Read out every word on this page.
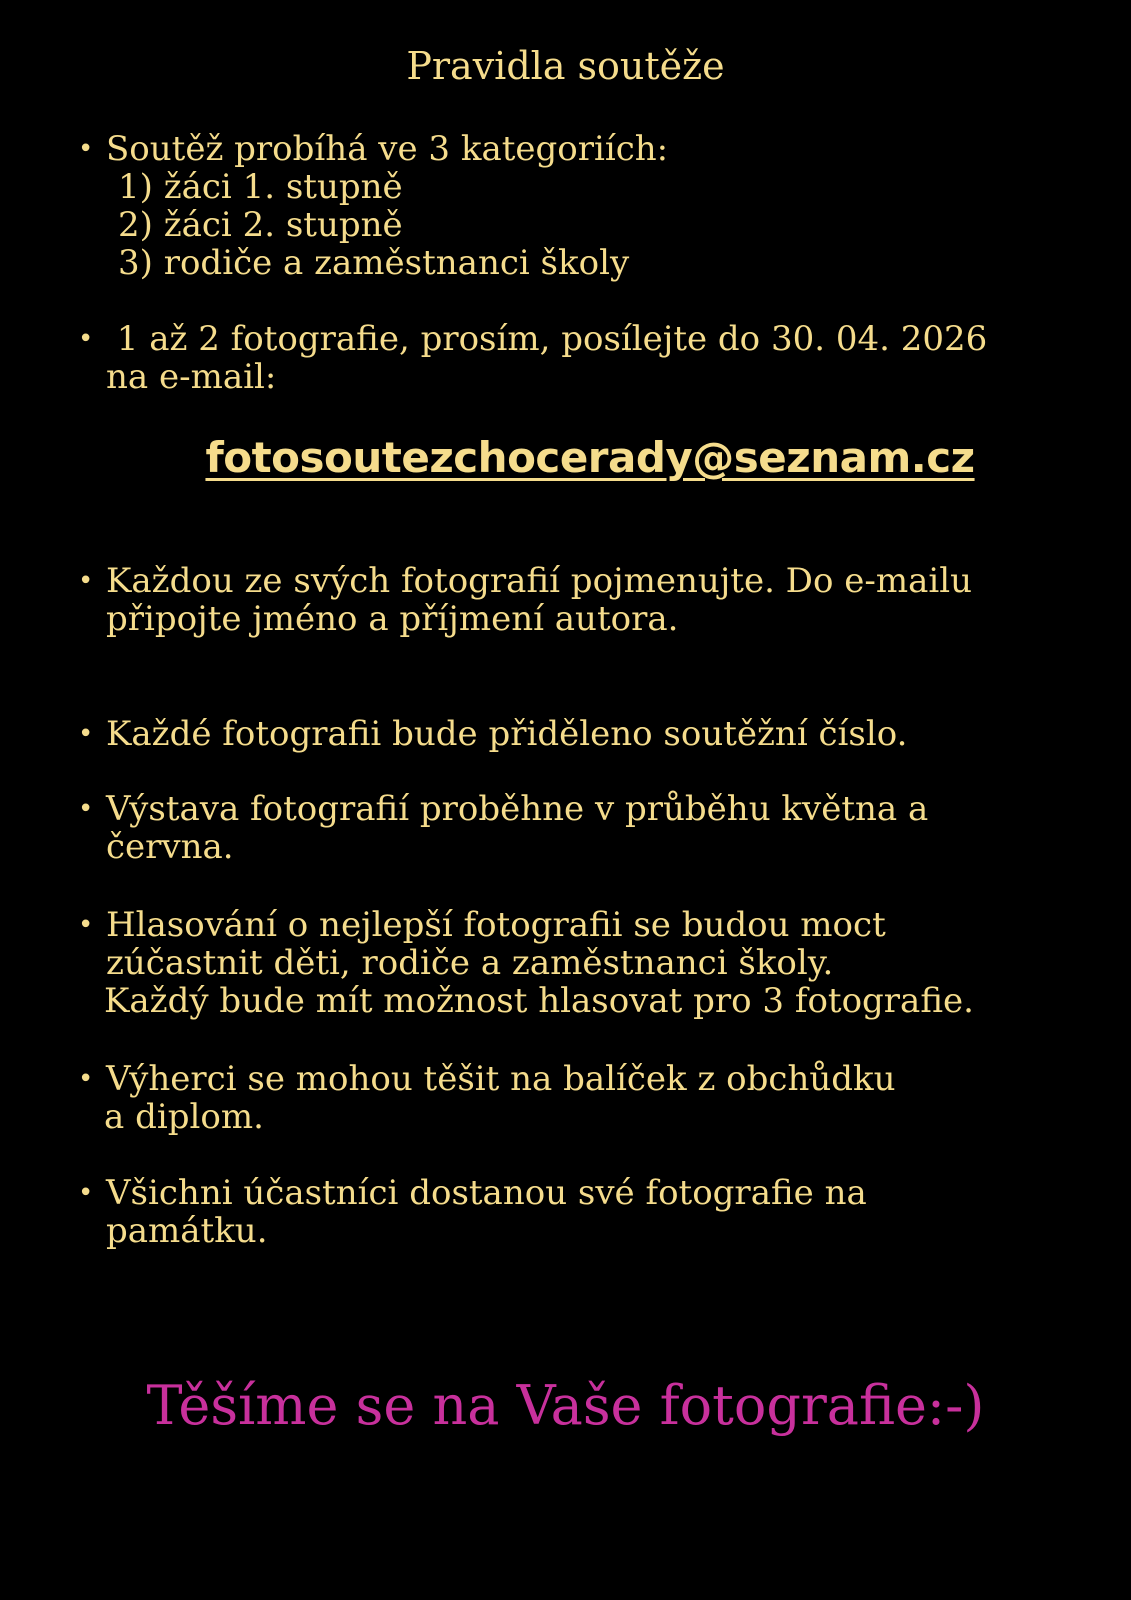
Pravidla soutěže
• Soutěž probíhá ve 3 kategoriích:
1) žáci 1. stupně
2) žáci 2. stupně
3) rodiče a zaměstnanci školy
• 1 až 2 fotografie, prosím, posílejte do 30. 04. 2026
na e-mail:
fotosoutezchocerady@seznam.cz
• Každou ze svých fotografií pojmenujte. Do e-mailu
připojte jméno a příjmení autora.
• Každé fotografii bude přiděleno soutěžní číslo.
• Výstava fotografií proběhne v průběhu května a
června.
• Hlasování o nejlepší fotografii se budou moct
zúčastnit děti, rodiče a zaměstnanci školy.
Každý bude mít možnost hlasovat pro 3 fotografie.
• Výherci se mohou těšit na balíček z obchůdku
a diplom.
• Všichni účastníci dostanou své fotografie na
památku.
Těšíme se na Vaše fotografie:-)
